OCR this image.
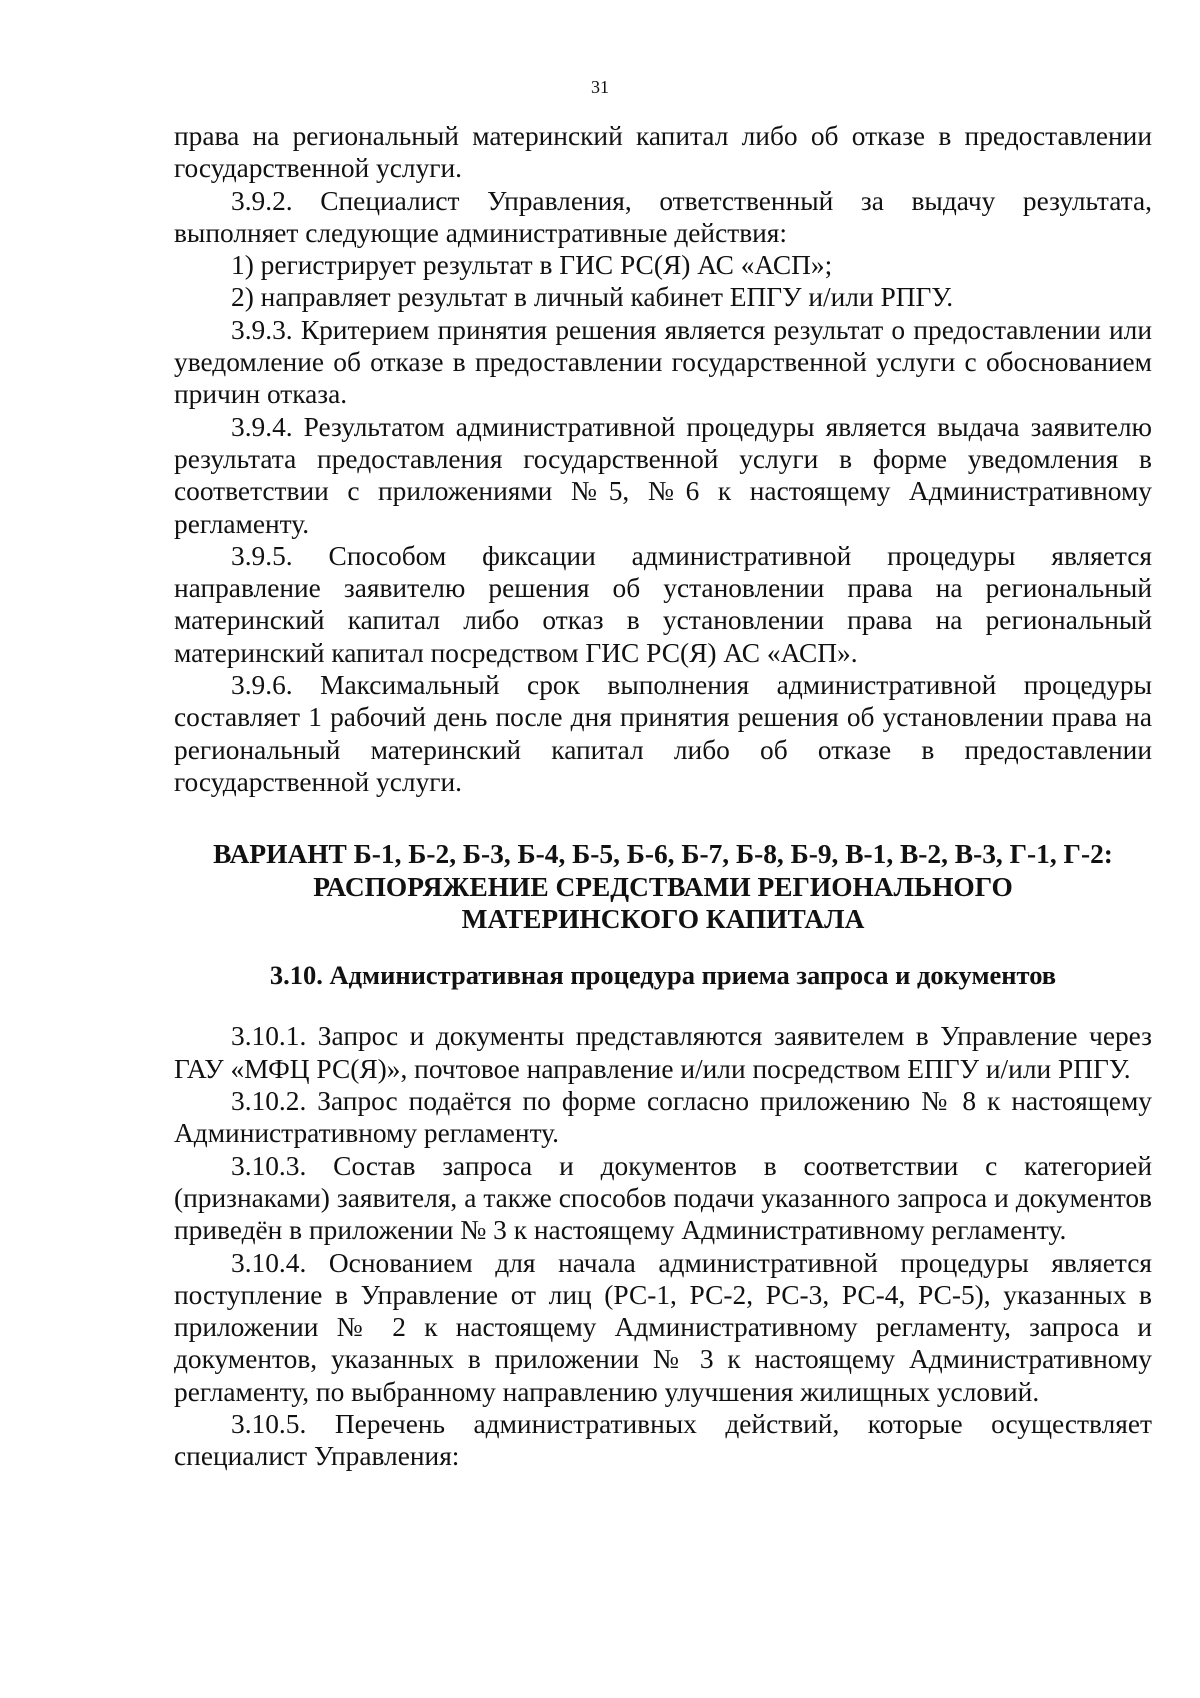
31

права на региональный материнский капитал либо об отказе в предоставлении государственной услуги.

3.9.2. Специалист Управления, ответственный за выдачу результата, выполняет следующие административные действия:

1) регистрирует результат в ГИС РС(Я) АС «АСП»;

2) направляет результат в личный кабинет ЕПГУ и/или РПГУ.

3.9.3. Критерием принятия решения является результат о предоставлении или уведомление об отказе в предоставлении государственной услуги с обоснованием причин отказа.

3.9.4. Результатом административной процедуры является выдача заявителю результата предоставления государственной услуги в форме уведомления в соответствии с приложениями №5, №6 к настоящему Административному регламенту.

3.9.5. Способом фиксации административной процедуры является направление заявителю решения об установлении права на региональный материнский капитал либо отказ в установлении права на региональный материнский капитал посредством ГИС РС(Я) АС «АСП».

3.9.6. Максимальный срок выполнения административной процедуры составляет 1 рабочий день после дня принятия решения об установлении права на региональный материнский капитал либо об отказе в предоставлении государственной услуги.

ВАРИАНТ Б-1, Б-2, Б-3, Б-4, Б-5, Б-6, Б-7, Б-8, Б-9, В-1, В-2, В-3, Г-1, Г-2:
РАСПОРЯЖЕНИЕ СРЕДСТВАМИ РЕГИОНАЛЬНОГО
МАТЕРИНСКОГО КАПИТАЛА
3.10. Административная процедура приема запроса и документов

3.10.1. Запрос и документы представляются заявителем в Управление через ГАУ «МФЦ РС(Я)», почтовое направление и/или посредством ЕПГУ и/или РПГУ.

3.10.2. Запрос подаётся по форме согласно приложению № 8 к настоящему Административному регламенту.

3.10.3. Состав запроса и документов в соответствии с категорией (признаками) заявителя, а также способов подачи указанного запроса и документов приведён в приложении № 3 к настоящему Административному регламенту.

3.10.4. Основанием для начала административной процедуры является поступление в Управление от лиц (РС-1, РС-2, РС-3, РС-4, РС-5), указанных в приложении № 2 к настоящему Административному регламенту, запроса и документов, указанных в приложении № 3 к настоящему Административному регламенту, по выбранному направлению улучшения жилищных условий.

3.10.5. Перечень административных действий, которые осуществляет специалист Управления:
